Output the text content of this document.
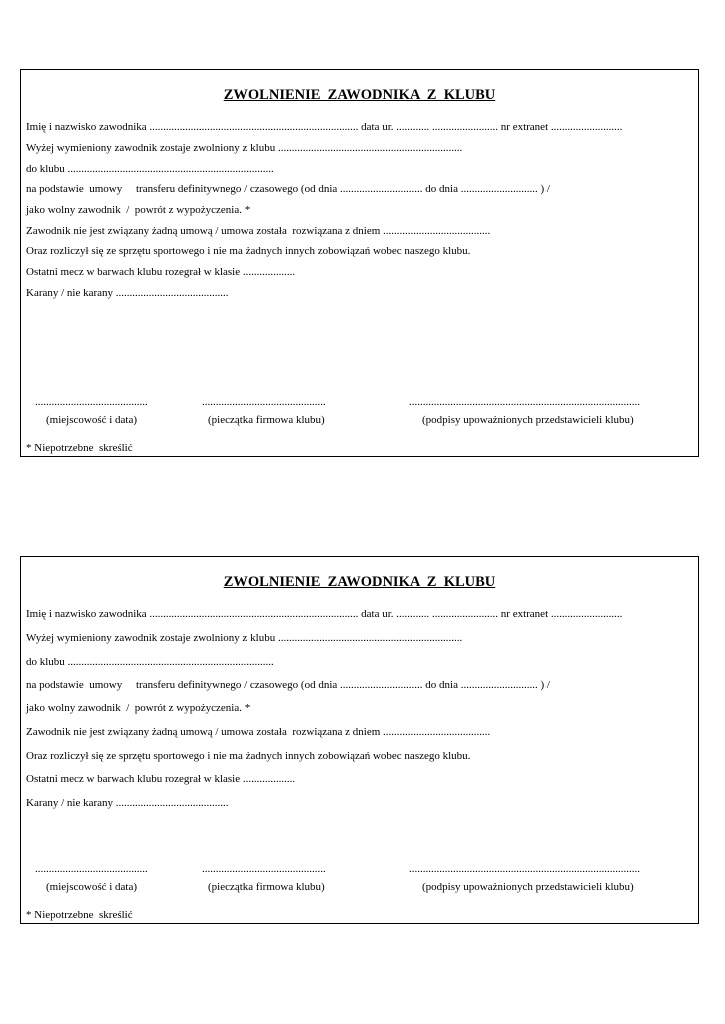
ZWOLNIENIE  ZAWODNIKA  Z  KLUBU
Imię i nazwisko zawodnika ............................................................................ data ur. ............ ........................ nr extranet ..........................
Wyżej wymieniony zawodnik zostaje zwolniony z klubu ...................................................................
do klubu ...........................................................................
na podstawie  umowy     transferu definitywnego / czasowego (od dnia .............................. do dnia ............................ ) /
jako wolny zawodnik  /  powrót z wypożyczenia. *
Zawodnik nie jest związany żadną umową / umowa została  rozwiązana z dniem .......................................
Oraz rozliczył się ze sprzętu sportowego i nie ma żadnych innych zobowiązań wobec naszego klubu.
Ostatni mecz w barwach klubu rozegrał w klasie ...................
Karany / nie karany .........................................
.........................................	.............................................	....................................................................................
(miejscowość i data)	(pieczątka firmowa klubu)	(podpisy upoważnionych przedstawicieli klubu)
* Niepotrzebne  skreślić
ZWOLNIENIE  ZAWODNIKA  Z  KLUBU
Imię i nazwisko zawodnika ............................................................................ data ur. ............ ........................ nr extranet ..........................
Wyżej wymieniony zawodnik zostaje zwolniony z klubu ...................................................................
do klubu ...........................................................................
na podstawie  umowy     transferu definitywnego / czasowego (od dnia .............................. do dnia ............................ ) /
jako wolny zawodnik  /  powrót z wypożyczenia. *
Zawodnik nie jest związany żadną umową / umowa została  rozwiązana z dniem .......................................
Oraz rozliczył się ze sprzętu sportowego i nie ma żadnych innych zobowiązań wobec naszego klubu.
Ostatni mecz w barwach klubu rozegrał w klasie ...................
Karany / nie karany .........................................
.........................................	.............................................	....................................................................................
(miejscowość i data)	(pieczątka firmowa klubu)	(podpisy upoważnionych przedstawicieli klubu)
* Niepotrzebne  skreślić
